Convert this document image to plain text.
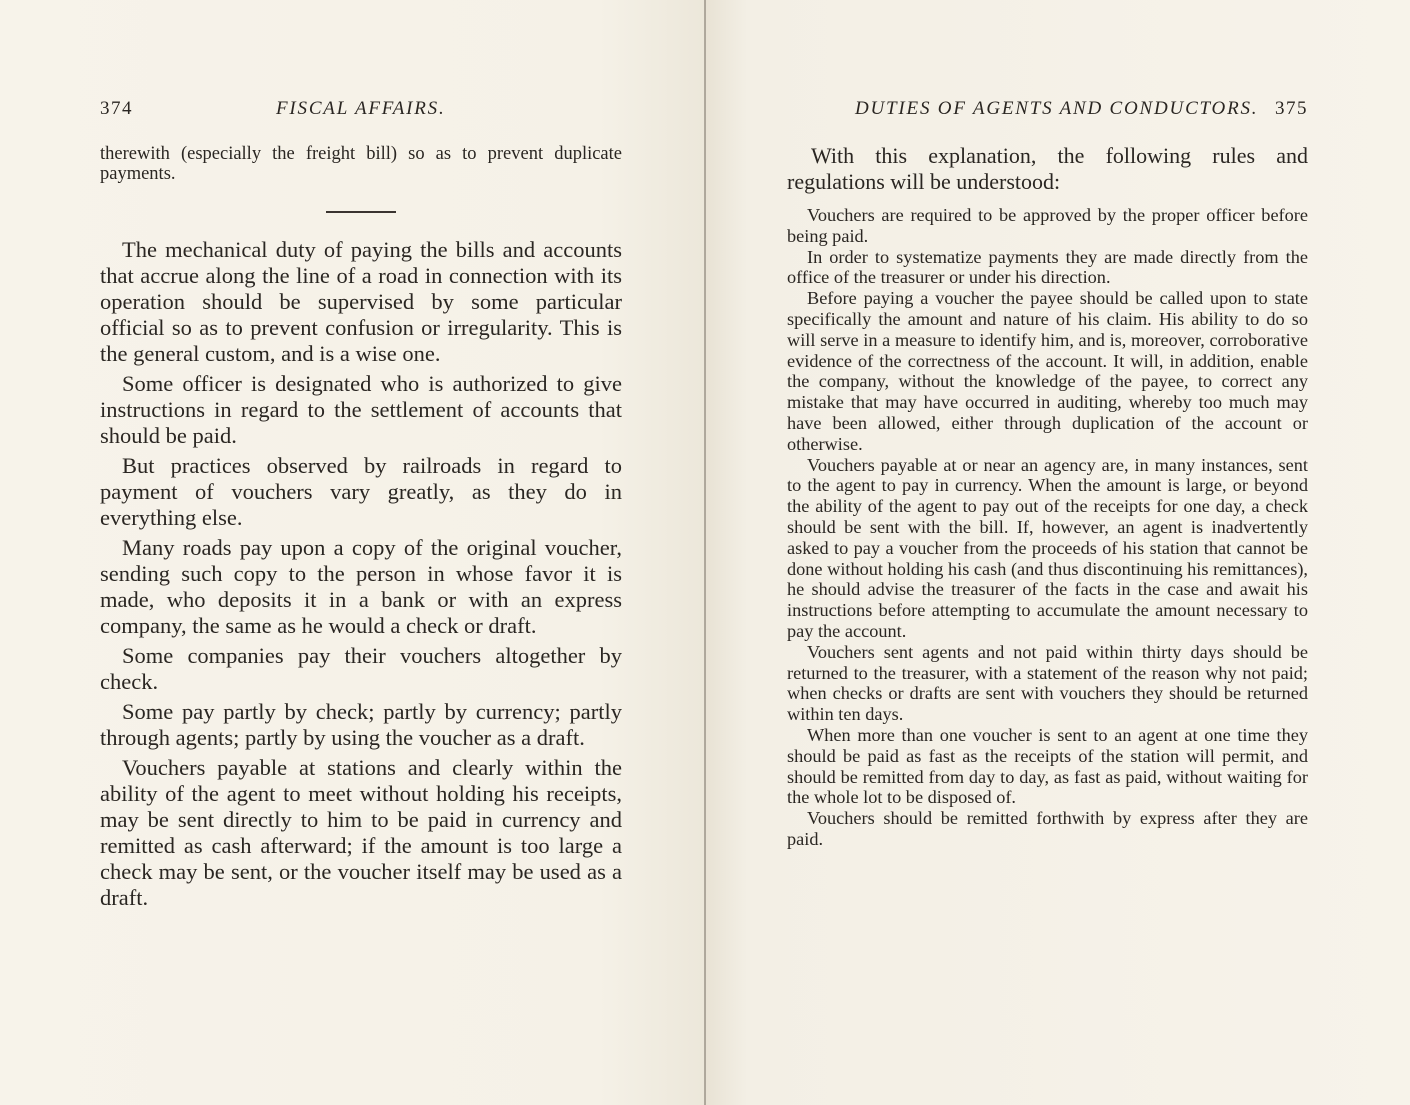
374	FISCAL AFFAIRS.
therewith (especially the freight bill) so as to prevent duplicate payments.

The mechanical duty of paying the bills and accounts that accrue along the line of a road in connection with its operation should be supervised by some particular official so as to prevent confusion or irregularity. This is the general custom, and is a wise one.

Some officer is designated who is authorized to give instructions in regard to the settlement of accounts that should be paid.

But practices observed by railroads in regard to payment of vouchers vary greatly, as they do in everything else.

Many roads pay upon a copy of the original voucher, sending such copy to the person in whose favor it is made, who deposits it in a bank or with an express company, the same as he would a check or draft.

Some companies pay their vouchers altogether by check.

Some pay partly by check; partly by currency; partly through agents; partly by using the voucher as a draft.

Vouchers payable at stations and clearly within the ability of the agent to meet without holding his receipts, may be sent directly to him to be paid in currency and remitted as cash afterward; if the amount is too large a check may be sent, or the voucher itself may be used as a draft.

DUTIES OF AGENTS AND CONDUCTORS. 375
With this explanation, the following rules and regulations will be understood:

Vouchers are required to be approved by the proper officer before being paid.

In order to systematize payments they are made directly from the office of the treasurer or under his direction.

Before paying a voucher the payee should be called upon to state specifically the amount and nature of his claim. His ability to do so will serve in a measure to identify him, and is, moreover, corroborative evidence of the correctness of the account. It will, in addition, enable the company, without the knowledge of the payee, to correct any mistake that may have occurred in auditing, whereby too much may have been allowed, either through duplication of the account or otherwise.

Vouchers payable at or near an agency are, in many instances, sent to the agent to pay in currency. When the amount is large, or beyond the ability of the agent to pay out of the receipts for one day, a check should be sent with the bill. If, however, an agent is inadvertently asked to pay a voucher from the proceeds of his station that cannot be done without holding his cash (and thus discontinuing his remittances), he should advise the treasurer of the facts in the case and await his instructions before attempting to accumulate the amount necessary to pay the account.

Vouchers sent agents and not paid within thirty days should be returned to the treasurer, with a statement of the reason why not paid; when checks or drafts are sent with vouchers they should be returned within ten days.

When more than one voucher is sent to an agent at one time they should be paid as fast as the receipts of the station will permit, and should be remitted from day to day, as fast as paid, without waiting for the whole lot to be disposed of.

Vouchers should be remitted forthwith by express after they are paid.
